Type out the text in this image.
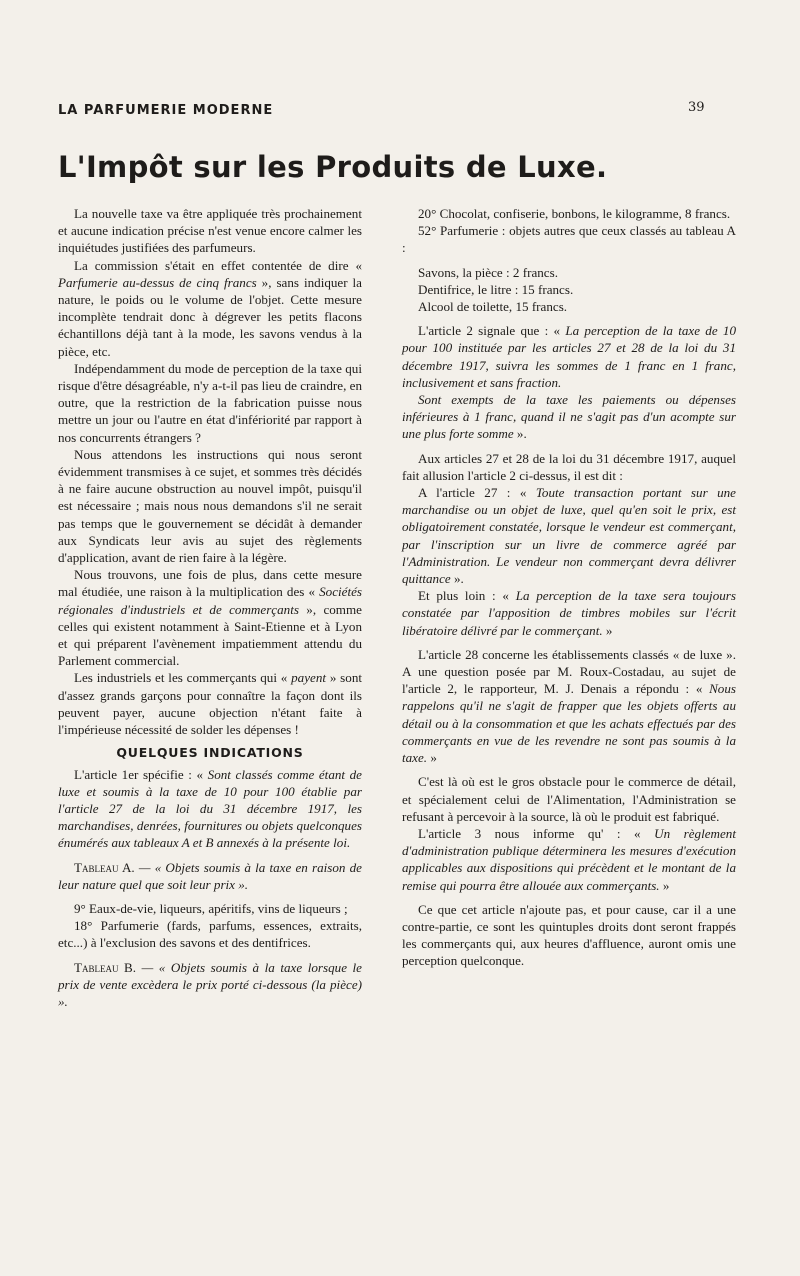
LA PARFUMERIE MODERNE	39
L'Impôt sur les Produits de Luxe.

La nouvelle taxe va être appliquée très prochainement et aucune indication précise n'est venue encore calmer les inquiétudes justifiées des parfumeurs.

La commission s'était en effet contentée de dire « Parfumerie au-dessus de cinq francs », sans indiquer la nature, le poids ou le volume de l'objet. Cette mesure incomplète tendrait donc à dégrever les petits flacons échantillons déjà tant à la mode, les savons vendus à la pièce, etc.

Indépendamment du mode de perception de la taxe qui risque d'être désagréable, n'y a-t-il pas lieu de craindre, en outre, que la restriction de la fabrication puisse nous mettre un jour ou l'autre en état d'infériorité par rapport à nos concurrents étrangers ?

Nous attendons les instructions qui nous seront évidemment transmises à ce sujet, et sommes très décidés à ne faire aucune obstruction au nouvel impôt, puisqu'il est nécessaire ; mais nous nous demandons s'il ne serait pas temps que le gouvernement se décidât à demander aux Syndicats leur avis au sujet des règlements d'application, avant de rien faire à la légère.

Nous trouvons, une fois de plus, dans cette mesure mal étudiée, une raison à la multiplication des « Sociétés régionales d'industriels et de commerçants », comme celles qui existent notamment à Saint-Etienne et à Lyon et qui préparent l'avènement impatiemment attendu du Parlement commercial.

Les industriels et les commerçants qui « payent » sont d'assez grands garçons pour connaître la façon dont ils peuvent payer, aucune objection n'étant faite à l'impérieuse nécessité de solder les dépenses !

QUELQUES INDICATIONS

L'article 1er spécifie : « Sont classés comme étant de luxe et soumis à la taxe de 10 pour 100 établie par l'article 27 de la loi du 31 décembre 1917, les marchandises, denrées, fournitures ou objets quelconques énumérés aux tableaux A et B annexés à la présente loi.

Tableau A. — « Objets soumis à la taxe en raison de leur nature quel que soit leur prix ».

9° Eaux-de-vie, liqueurs, apéritifs, vins de liqueurs ;

18° Parfumerie (fards, parfums, essences, extraits, etc...) à l'exclusion des savons et des dentifrices.

Tableau B. — « Objets soumis à la taxe lorsque le prix de vente excèdera le prix porté ci-dessous (la pièce) ».

20° Chocolat, confiserie, bonbons, le kilogramme, 8 francs.

52° Parfumerie : objets autres que ceux classés au tableau A :

Savons, la pièce : 2 francs.

Dentifrice, le litre : 15 francs.

Alcool de toilette, 15 francs.

L'article 2 signale que : « La perception de la taxe de 10 pour 100 instituée par les articles 27 et 28 de la loi du 31 décembre 1917, suivra les sommes de 1 franc en 1 franc, inclusivement et sans fraction.

Sont exempts de la taxe les paiements ou dépenses inférieures à 1 franc, quand il ne s'agit pas d'un acompte sur une plus forte somme ».

Aux articles 27 et 28 de la loi du 31 décembre 1917, auquel fait allusion l'article 2 ci-dessus, il est dit :

A l'article 27 : « Toute transaction portant sur une marchandise ou un objet de luxe, quel qu'en soit le prix, est obligatoirement constatée, lorsque le vendeur est commerçant, par l'inscription sur un livre de commerce agréé par l'Administration. Le vendeur non commerçant devra délivrer quittance ».

Et plus loin : « La perception de la taxe sera toujours constatée par l'apposition de timbres mobiles sur l'écrit libératoire délivré par le commerçant. »

L'article 28 concerne les établissements classés « de luxe ». A une question posée par M. Roux-Costadau, au sujet de l'article 2, le rapporteur, M. J. Denais a répondu : « Nous rappelons qu'il ne s'agit de frapper que les objets offerts au détail ou à la consommation et que les achats effectués par des commerçants en vue de les revendre ne sont pas soumis à la taxe. »

C'est là où est le gros obstacle pour le commerce de détail, et spécialement celui de l'Alimentation, l'Administration se refusant à percevoir à la source, là où le produit est fabriqué.

L'article 3 nous informe qu' : « Un règlement d'administration publique déterminera les mesures d'exécution applicables aux dispositions qui précèdent et le montant de la remise qui pourra être allouée aux commerçants. »

Ce que cet article n'ajoute pas, et pour cause, car il a une contre-partie, ce sont les quintuples droits dont seront frappés les commerçants qui, aux heures d'affluence, auront omis une perception quelconque.
